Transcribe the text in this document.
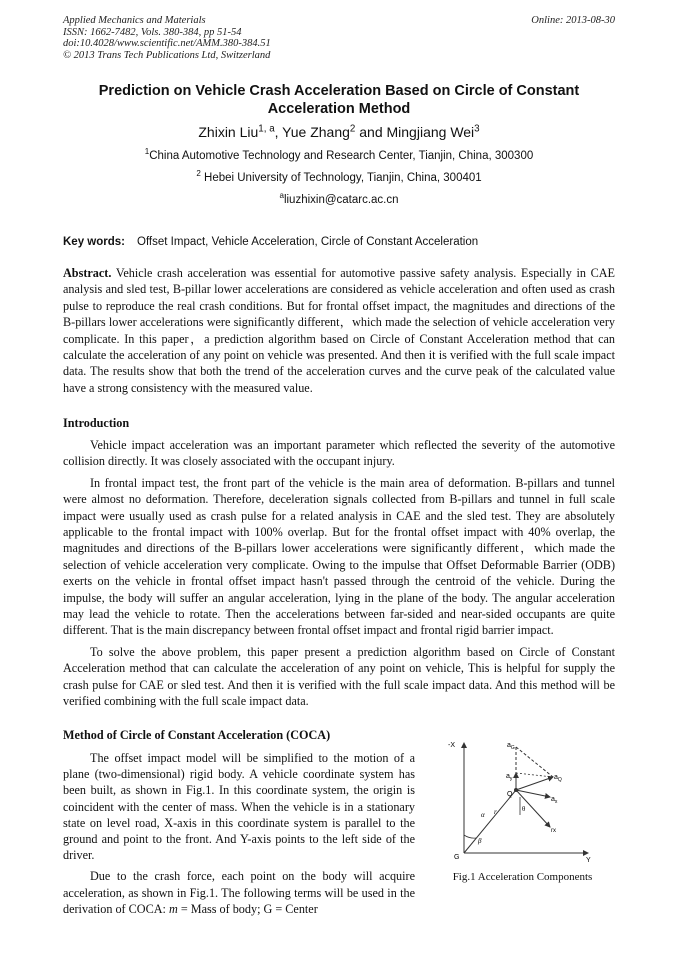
Applied Mechanics and Materials
ISSN: 1662-7482, Vols. 380-384, pp 51-54
doi:10.4028/www.scientific.net/AMM.380-384.51
© 2013 Trans Tech Publications Ltd, Switzerland
Online: 2013-08-30
Prediction on Vehicle Crash Acceleration Based on Circle of Constant
Acceleration Method
Zhixin Liu$^{1, a}$, Yue Zhang$^2$ and Mingjiang Wei$^3$
$^1$China Automotive Technology and Research Center, Tianjin, China, 300300
$^2$ Hebei University of Technology, Tianjin, China, 300401
$^a$liuzhixin@catarc.ac.cn
Key words: Offset Impact, Vehicle Acceleration, Circle of Constant Acceleration

Abstract. Vehicle crash acceleration was essential for automotive passive safety analysis. Especially in CAE analysis and sled test, B-pillar lower accelerations are considered as vehicle acceleration and often used as crash pulse to reproduce the real crash conditions. But for frontal offset impact, the magnitudes and directions of the B-pillars lower accelerations were significantly different，which made the selection of vehicle acceleration very complicate. In this paper，a prediction algorithm based on Circle of Constant Acceleration method that can calculate the acceleration of any point on vehicle was presented. And then it is verified with the full scale impact data. The results show that both the trend of the acceleration curves and the curve peak of the calculated value have a strong consistency with the measured value.

Introduction

Vehicle impact acceleration was an important parameter which reflected the severity of the automotive collision directly. It was closely associated with the occupant injury.

In frontal impact test, the front part of the vehicle is the main area of deformation. B-pillars and tunnel were almost no deformation. Therefore, deceleration signals collected from B-pillars and tunnel in full scale impact were usually used as crash pulse for a related analysis in CAE and the sled test. They are absolutely applicable to the frontal impact with 100% overlap. But for the frontal offset impact with 40% overlap, the magnitudes and directions of the B-pillars lower accelerations were significantly different，which made the selection of vehicle acceleration very complicate. Owing to the impulse that Offset Deformable Barrier (ODB) exerts on the vehicle in frontal offset impact hasn't passed through the centroid of the vehicle. During the impulse, the body will suffer an angular acceleration, lying in the plane of the body. The angular acceleration may lead the vehicle to rotate. Then the accelerations between far-sided and near-sided occupants are quite different. That is the main discrepancy between frontal offset impact and frontal rigid barrier impact.

To solve the above problem, this paper present a prediction algorithm based on Circle of Constant Acceleration method that can calculate the acceleration of any point on vehicle, This is helpful for supply the crash pulse for CAE or sled test. And then it is verified with the full scale impact data. And this method will be verified combining with the full scale impact data.

Method of Circle of Constant Acceleration (COCA)

The offset impact model will be simplified to the motion of a plane (two-dimensional) rigid body. A vehicle coordinate system has been built, as shown in Fig.1. In this coordinate system, the origin is coincident with the center of mass. When the vehicle is in a stationary state on level road, X-axis in this coordinate system is parallel to the ground and point to the front. And Y-axis points to the left side of the driver.

Due to the crash force, each point on the body will acquire acceleration, as shown in Fig.1. The following terms will be used in the derivation of COCA: m = Mass of body; G = Center

-X
Y
G
$a_G$
$a_y$	$a_Q$
$a_x$
Q
r
α
β
θ
rx
Fig.1 Acceleration Components
